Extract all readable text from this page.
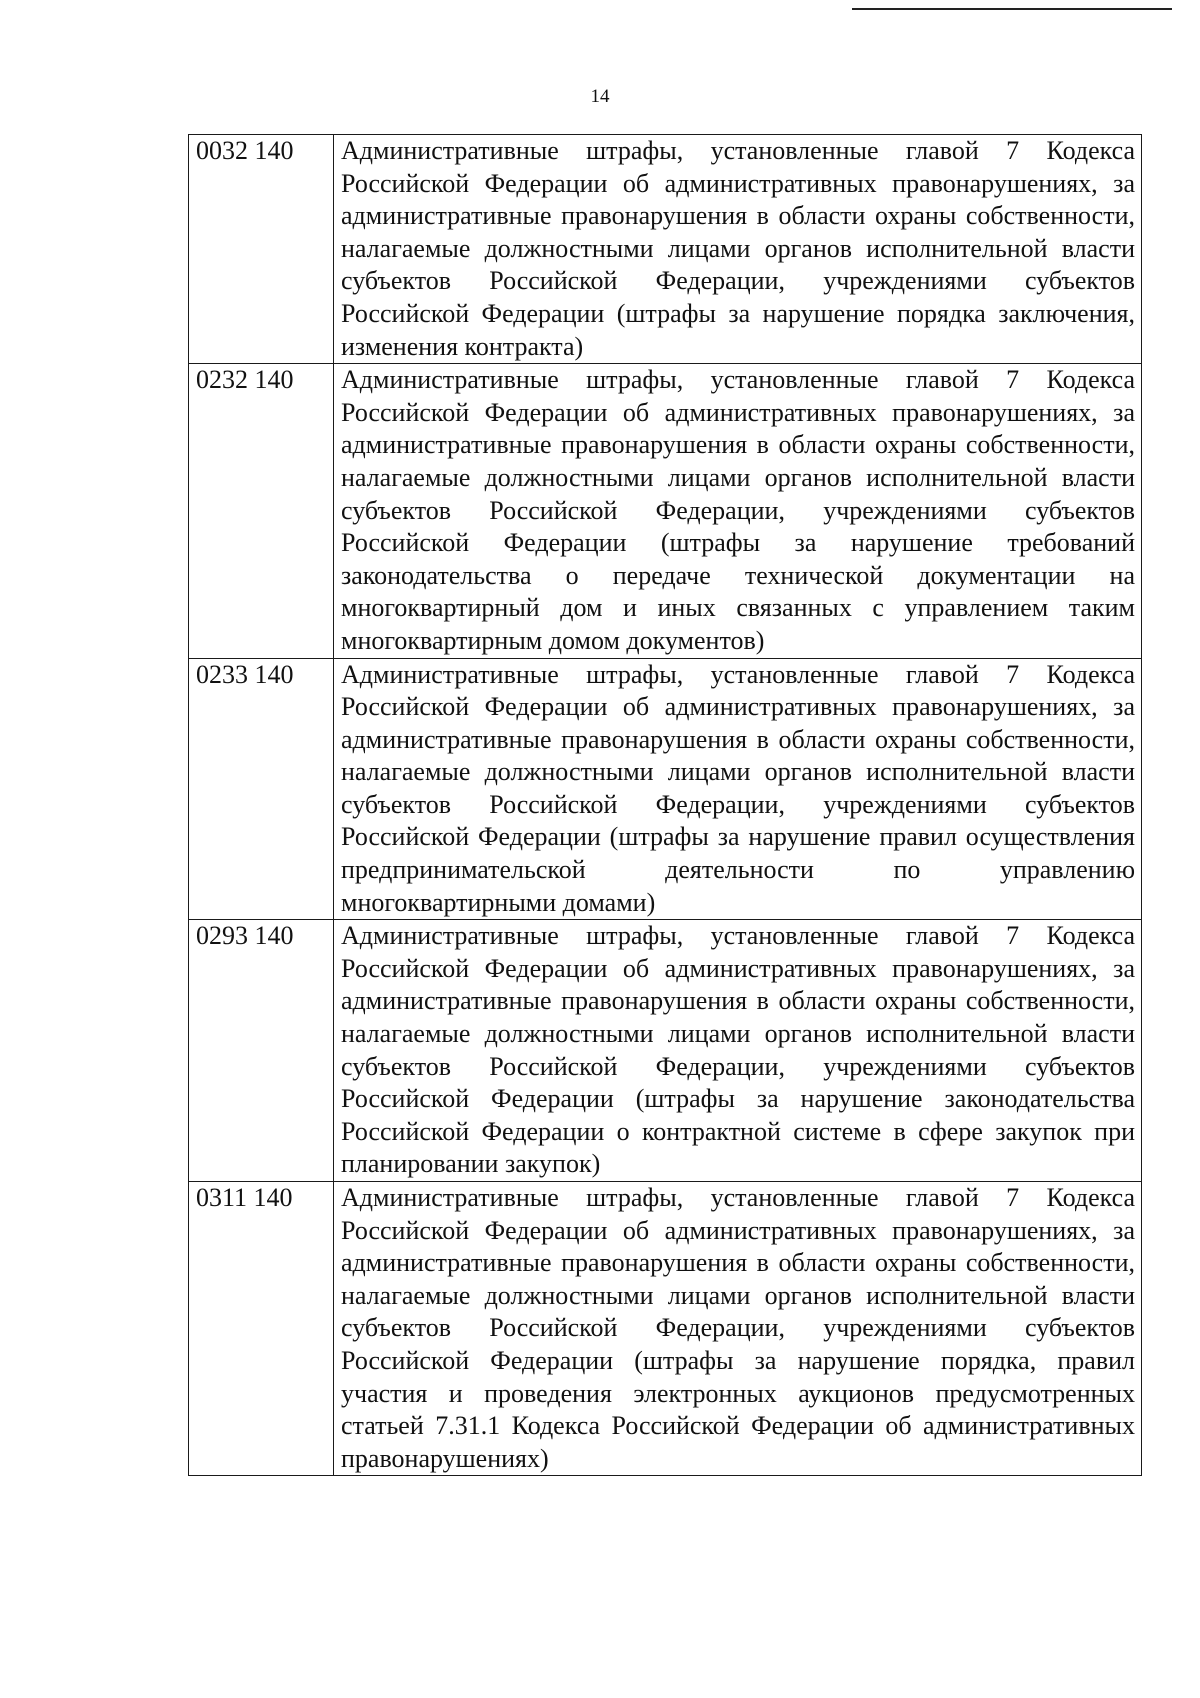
14
0032 140	Административные штрафы, установленные главой 7 Кодекса Российской Федерации об административных правонарушениях, за административные правонарушения в области охраны собственности, налагаемые должностными лицами органов исполнительной власти субъектов Российской Федерации, учреждениями субъектов Российской Федерации (штрафы за нарушение порядка заключения, изменения контракта)
0232 140	Административные штрафы, установленные главой 7 Кодекса Российской Федерации об административных правонарушениях, за административные правонарушения в области охраны собственности, налагаемые должностными лицами органов исполнительной власти субъектов Российской Федерации, учреждениями субъектов Российской Федерации (штрафы за нарушение требований законодательства о передаче технической документации на многоквартирный дом и иных связанных с управлением таким многоквартирным домом документов)
0233 140	Административные штрафы, установленные главой 7 Кодекса Российской Федерации об административных правонарушениях, за административные правонарушения в области охраны собственности, налагаемые должностными лицами органов исполнительной власти субъектов Российской Федерации, учреждениями субъектов Российской Федерации (штрафы за нарушение правил осуществления предпринимательской деятельности по управлению многоквартирными домами)
0293 140	Административные штрафы, установленные главой 7 Кодекса Российской Федерации об административных правонарушениях, за административные правонарушения в области охраны собственности, налагаемые должностными лицами органов исполнительной власти субъектов Российской Федерации, учреждениями субъектов Российской Федерации (штрафы за нарушение законодательства Российской Федерации о контрактной системе в сфере закупок при планировании закупок)
0311 140	Административные штрафы, установленные главой 7 Кодекса Российской Федерации об административных правонарушениях, за административные правонарушения в области охраны собственности, налагаемые должностными лицами органов исполнительной власти субъектов Российской Федерации, учреждениями субъектов Российской Федерации (штрафы за нарушение порядка, правил участия и проведения электронных аукционов предусмотренных статьей 7.31.1 Кодекса Российской Федерации об административных правонарушениях)
